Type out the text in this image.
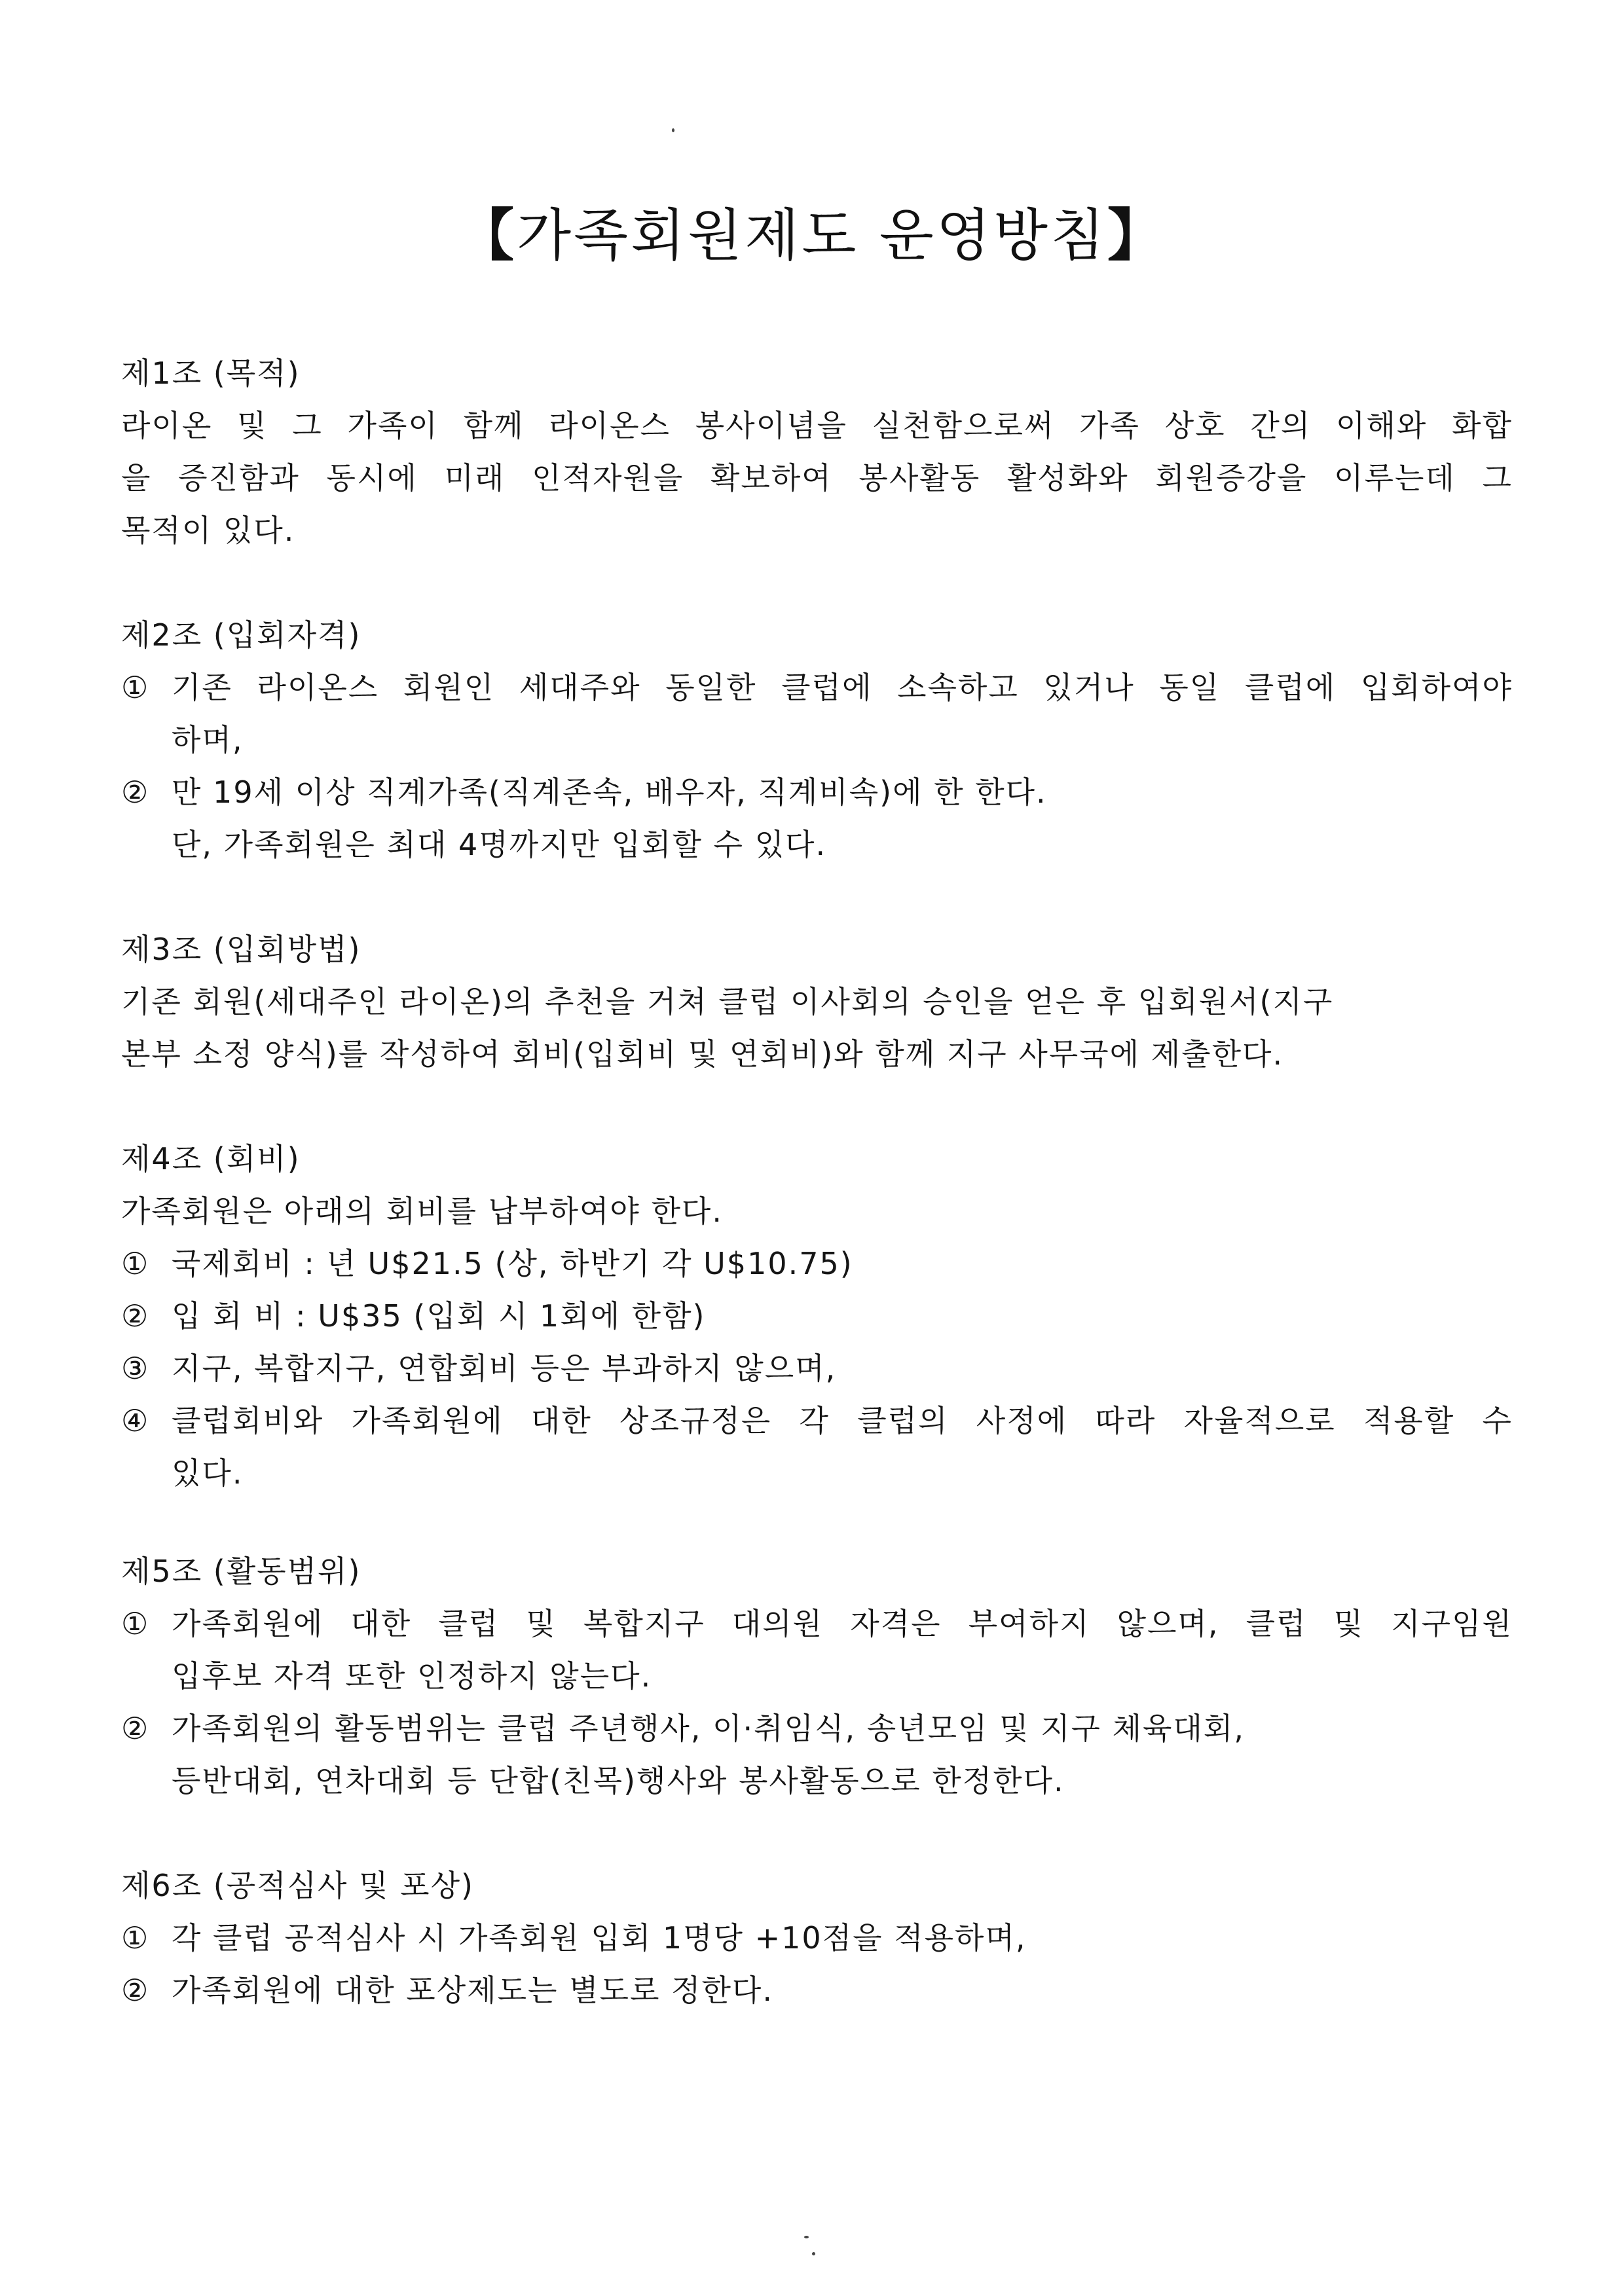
【가족회원제도 운영방침】
제1조 (목적)
라이온 및 그 가족이 함께 라이온스 봉사이념을 실천함으로써 가족 상호 간의 이해와 화합
을 증진함과 동시에 미래 인적자원을 확보하여 봉사활동 활성화와 회원증강을 이루는데 그
목적이 있다.
제2조 (입회자격)
① 기존 라이온스 회원인 세대주와 동일한 클럽에 소속하고 있거나 동일 클럽에 입회하여야
하며,
② 만 19세 이상 직계가족(직계존속, 배우자, 직계비속)에 한 한다.
단, 가족회원은 최대 4명까지만 입회할 수 있다.
제3조 (입회방법)
기존 회원(세대주인 라이온)의 추천을 거쳐 클럽 이사회의 승인을 얻은 후 입회원서(지구
본부 소정 양식)를 작성하여 회비(입회비 및 연회비)와 함께 지구 사무국에 제출한다.
제4조 (회비)
가족회원은 아래의 회비를 납부하여야 한다.
① 국제회비 : 년 U$21.5 (상, 하반기 각 U$10.75)
② 입 회 비 : U$35 (입회 시 1회에 한함)
③ 지구, 복합지구, 연합회비 등은 부과하지 않으며,
④ 클럽회비와 가족회원에 대한 상조규정은 각 클럽의 사정에 따라 자율적으로 적용할 수
있다.
제5조 (활동범위)
① 가족회원에 대한 클럽 및 복합지구 대의원 자격은 부여하지 않으며, 클럽 및 지구임원
입후보 자격 또한 인정하지 않는다.
② 가족회원의 활동범위는 클럽 주년행사, 이·취임식, 송년모임 및 지구 체육대회,
등반대회, 연차대회 등 단합(친목)행사와 봉사활동으로 한정한다.
제6조 (공적심사 및 포상)
① 각 클럽 공적심사 시 가족회원 입회 1명당 +10점을 적용하며,
② 가족회원에 대한 포상제도는 별도로 정한다.
